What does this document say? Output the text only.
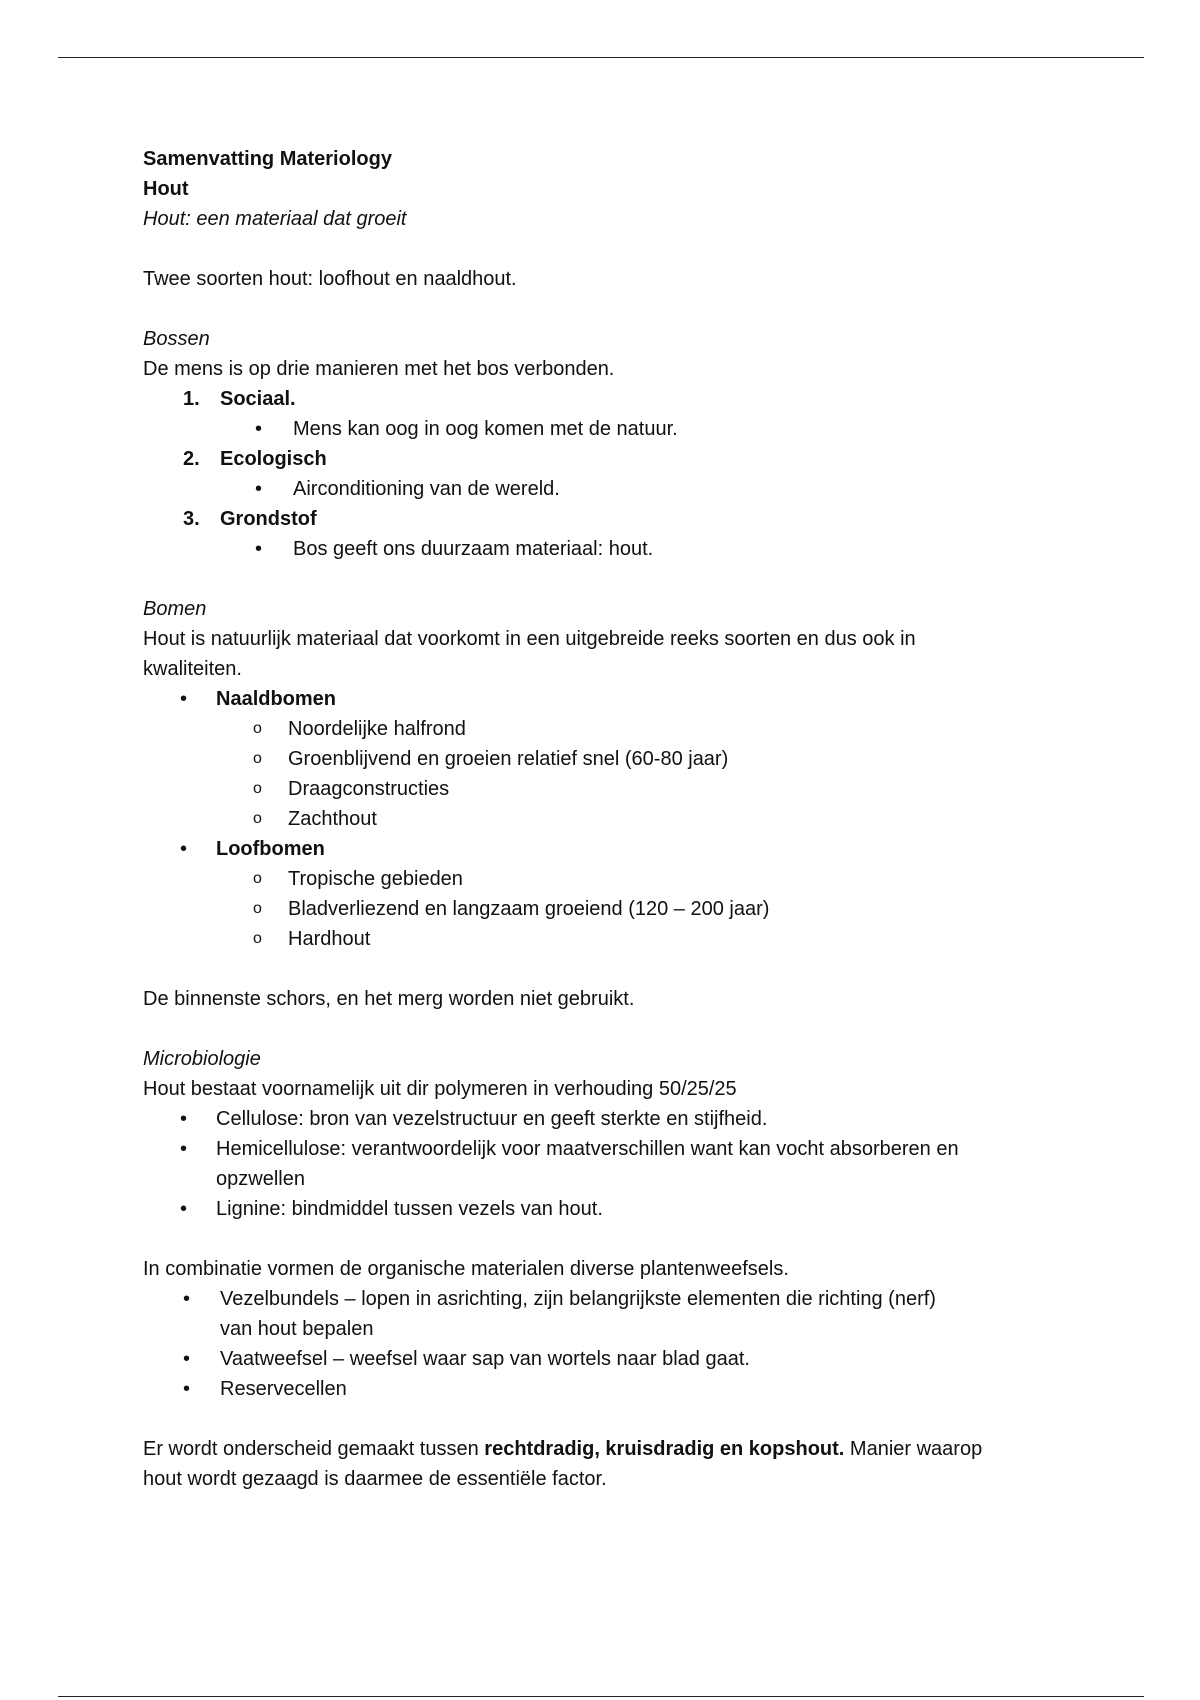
Samenvatting Materiology
Hout
Hout: een materiaal dat groeit
Twee soorten hout: loofhout en naaldhout.
Bossen
De mens is op drie manieren met het bos verbonden.
1.	Sociaal.
• Mens kan oog in oog komen met de natuur.
2.	Ecologisch
• Airconditioning van de wereld.
3.	Grondstof
• Bos geeft ons duurzaam materiaal: hout.
Bomen
Hout is natuurlijk materiaal dat voorkomt in een uitgebreide reeks soorten en dus ook in
kwaliteiten.
• Naaldbomen
o Noordelijke halfrond
o Groenblijvend en groeien relatief snel (60-80 jaar)
o Draagconstructies
o Zachthout
• Loofbomen
o Tropische gebieden
o Bladverliezend en langzaam groeiend (120 – 200 jaar)
o Hardhout
De binnenste schors, en het merg worden niet gebruikt.
Microbiologie
Hout bestaat voornamelijk uit dir polymeren in verhouding 50/25/25
• Cellulose: bron van vezelstructuur en geeft sterkte en stijfheid.
• Hemicellulose: verantwoordelijk voor maatverschillen want kan vocht absorberen en
opzwellen
• Lignine: bindmiddel tussen vezels van hout.
In combinatie vormen de organische materialen diverse plantenweefsels.
• Vezelbundels – lopen in asrichting, zijn belangrijkste elementen die richting (nerf)
van hout bepalen
• Vaatweefsel – weefsel waar sap van wortels naar blad gaat.
• Reservecellen
Er wordt onderscheid gemaakt tussen rechtdradig, kruisdradig en kopshout. Manier waarop
hout wordt gezaagd is daarmee de essentiële factor.
